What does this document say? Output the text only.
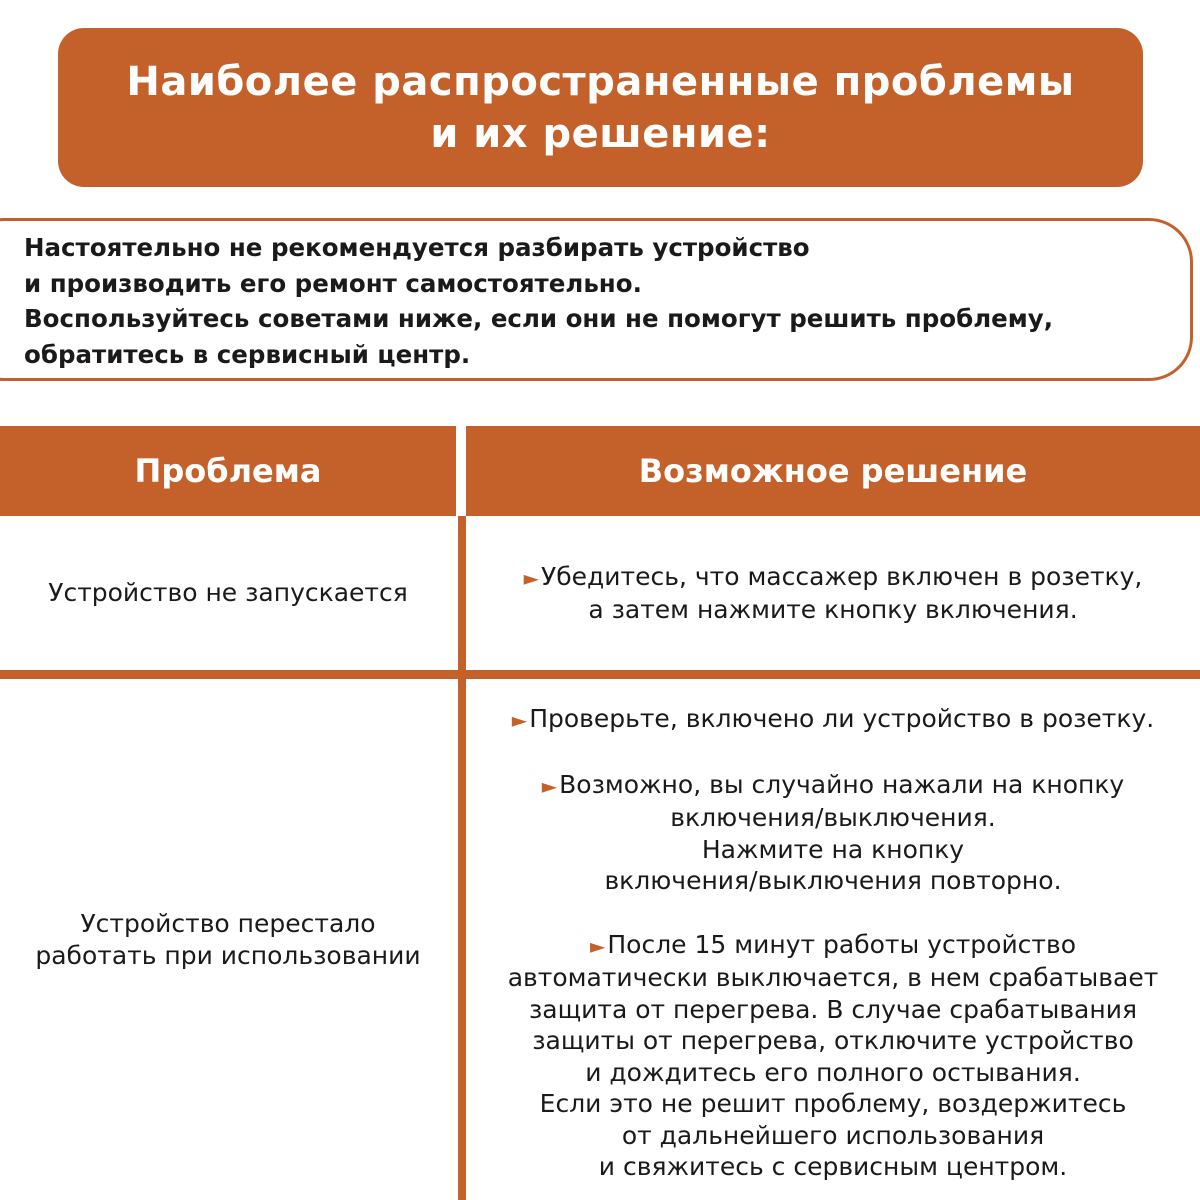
Наиболее распространенные проблемы
и их решение:
Настоятельно не рекомендуется разбирать устройство
и производить его ремонт самостоятельно.
Воспользуйтесь советами ниже, если они не помогут решить проблему,
обратитесь в сервисный центр.
Проблема	Возможное решение
Устройство не запускается
►Убедитесь, что массажер включен в розетку,
а затем нажмите кнопку включения.
Устройство перестало
работать при использовании
►Проверьте, включено ли устройство в розетку.
►Возможно, вы случайно нажали на кнопку
включения/выключения.
Нажмите на кнопку
включения/выключения повторно.
►После 15 минут работы устройство
автоматически выключается, в нем срабатывает
защита от перегрева. В случае срабатывания
защиты от перегрева, отключите устройство
и дождитесь его полного остывания.
Если это не решит проблему, воздержитесь
от дальнейшего использования
и свяжитесь с сервисным центром.
